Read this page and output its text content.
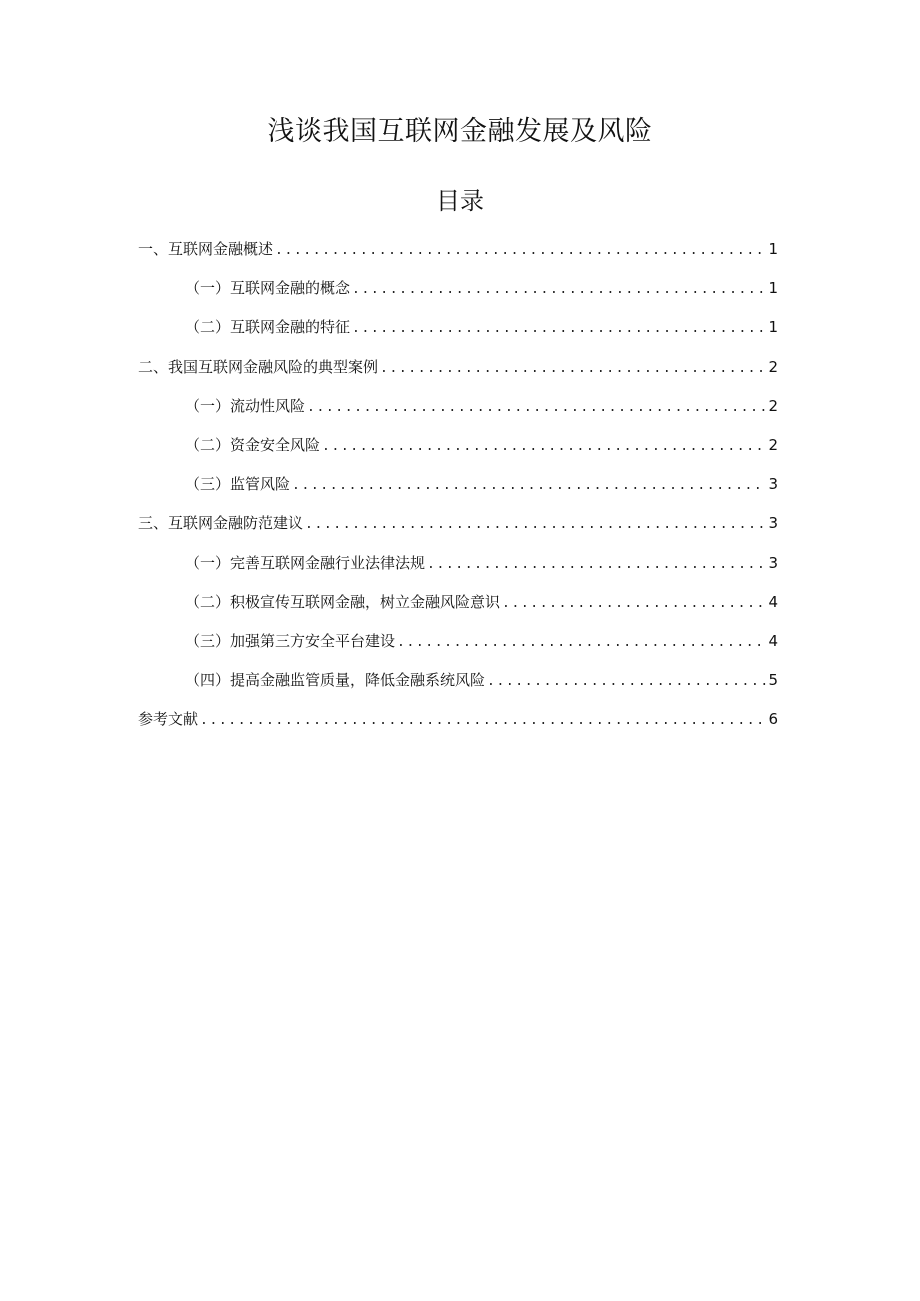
浅谈我国互联网金融发展及风险
目录
一、互联网金融概述 .....	1
（一）互联网金融的概念 .....	1
（二）互联网金融的特征 .....	1
二、我国互联网金融风险的典型案例 .....	2
（一）流动性风险 .....	2
（二）资金安全风险 .....	2
（三）监管风险 .....	3
三、互联网金融防范建议 .....	3
（一）完善互联网金融行业法律法规 .....	3
（二）积极宣传互联网金融，树立金融风险意识 .....	4
（三）加强第三方安全平台建设 .....	4
（四）提高金融监管质量，降低金融系统风险 .....	5
参考文献 .....	6
